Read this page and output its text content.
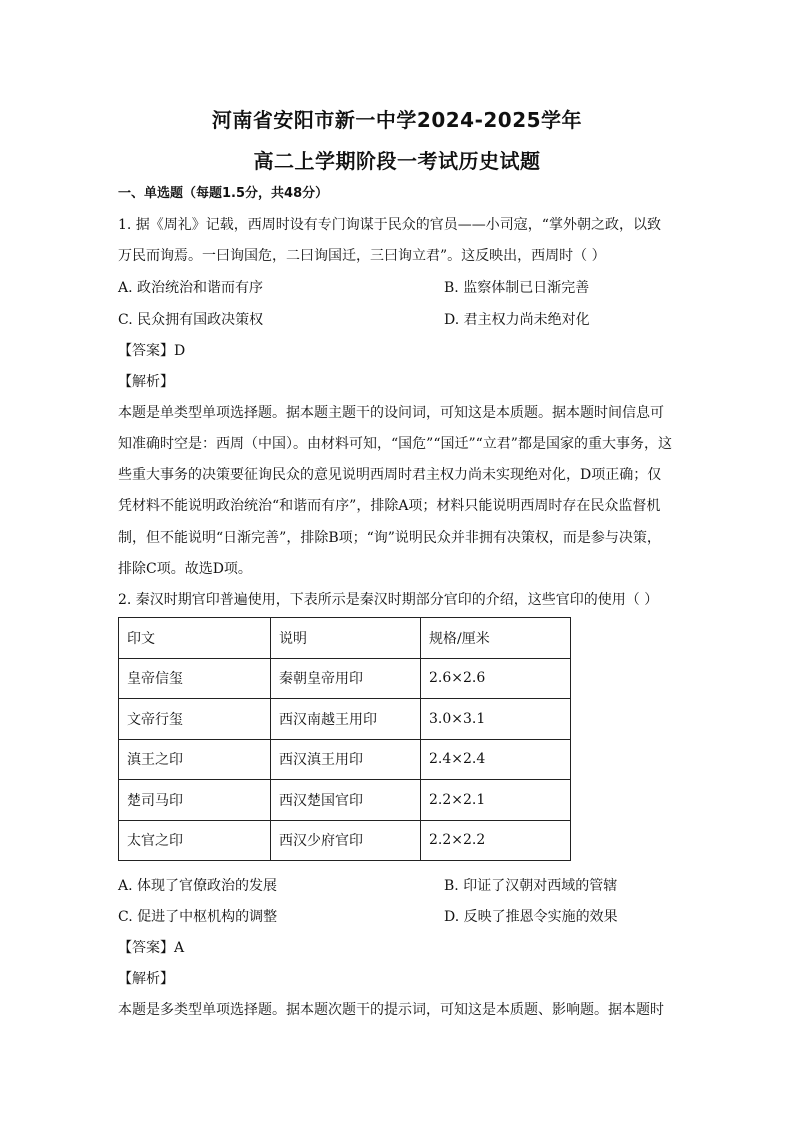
河南省安阳市新一中学2024-2025学年
高二上学期阶段一考试历史试题
一、单选题（每题1.5分，共48分）
1. 据《周礼》记载，西周时设有专门询谋于民众的官员——小司寇，“掌外朝之政，以致
万民而询焉。一曰询国危，二曰询国迁，三曰询立君”。这反映出，西周时（ ）
A. 政治统治和谐而有序	B. 监察体制已日渐完善
C. 民众拥有国政决策权	D. 君主权力尚未绝对化
【答案】D
【解析】
本题是单类型单项选择题。据本题主题干的设问词，可知这是本质题。据本题时间信息可
知准确时空是：西周（中国）。由材料可知，“国危”“国迁”“立君”都是国家的重大事务，这
些重大事务的决策要征询民众的意见说明西周时君主权力尚未实现绝对化，D项正确；仅
凭材料不能说明政治统治“和谐而有序”，排除A项；材料只能说明西周时存在民众监督机
制，但不能说明“日渐完善”，排除B项；“询”说明民众并非拥有决策权，而是参与决策，
排除C项。故选D项。
2. 秦汉时期官印普遍使用，下表所示是秦汉时期部分官印的介绍，这些官印的使用（ ）
印文	说明	规格/厘米
皇帝信玺	秦朝皇帝用印	2.6×2.6
文帝行玺	西汉南越王用印	3.0×3.1
滇王之印	西汉滇王用印	2.4×2.4
楚司马印	西汉楚国官印	2.2×2.1
太官之印	西汉少府官印	2.2×2.2
A. 体现了官僚政治的发展	B. 印证了汉朝对西域的管辖
C. 促进了中枢机构的调整	D. 反映了推恩令实施的效果
【答案】A
【解析】
本题是多类型单项选择题。据本题次题干的提示词，可知这是本质题、影响题。据本题时
